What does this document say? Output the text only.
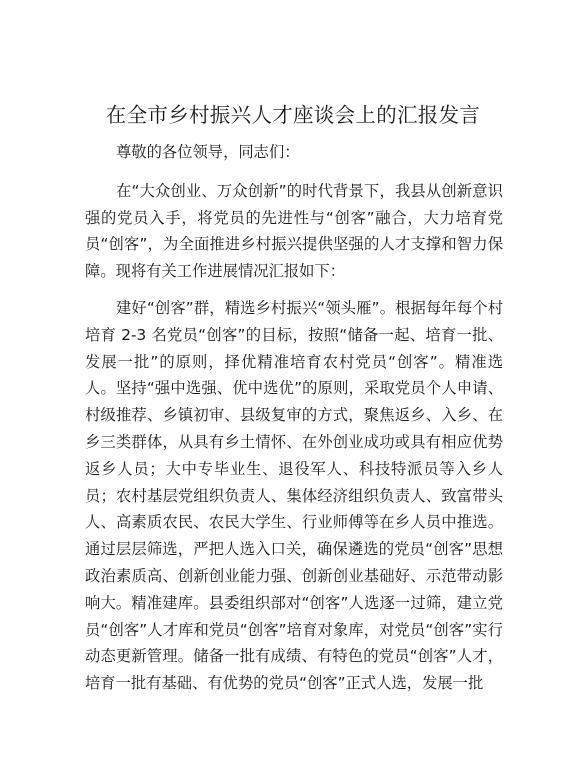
在全市乡村振兴人才座谈会上的汇报发言

尊敬的各位领导，同志们：

在“大众创业、万众创新”的时代背景下，我县从创新意识强的党员入手，将党员的先进性与“创客”融合，大力培育党员“创客”，为全面推进乡村振兴提供坚强的人才支撑和智力保障。现将有关工作进展情况汇报如下：

建好“创客”群，精选乡村振兴“领头雁”。根据每年每个村培育 2-3 名党员“创客”的目标，按照“储备一起、培育一批、发展一批”的原则，择优精准培育农村党员“创客”。精准选人。坚持“强中选强、优中选优”的原则，采取党员个人申请、村级推荐、乡镇初审、县级复审的方式，聚焦返乡、入乡、在乡三类群体，从具有乡土情怀、在外创业成功或具有相应优势返乡人员；大中专毕业生、退役军人、科技特派员等入乡人员；农村基层党组织负责人、集体经济组织负责人、致富带头人、高素质农民、农民大学生、行业师傅等在乡人员中推选。通过层层筛选，严把人选入口关，确保遴选的党员“创客”思想政治素质高、创新创业能力强、创新创业基础好、示范带动影响大。精准建库。县委组织部对“创客”人选逐一过筛，建立党员“创客”人才库和党员“创客”培育对象库，对党员“创客”实行动态更新管理。储备一批有成绩、有特色的党员“创客”人才，培育一批有基础、有优势的党员“创客”正式人选，发展一批
